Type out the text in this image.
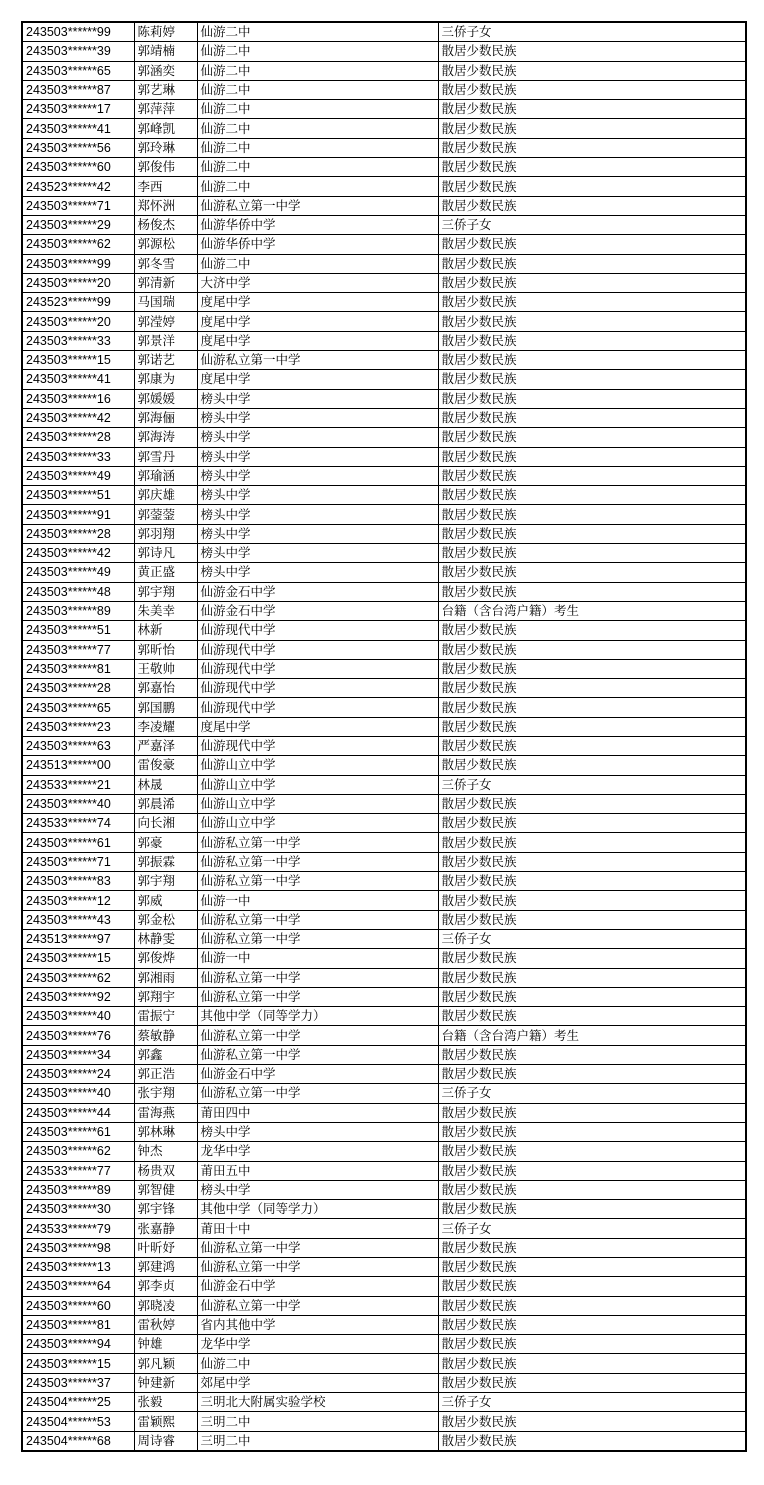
243503******99	陈莉婷	仙游二中	三侨子女
243503******39	郭靖楠	仙游二中	散居少数民族
243503******65	郭涵奕	仙游二中	散居少数民族
243503******87	郭艺琳	仙游二中	散居少数民族
243503******17	郭萍萍	仙游二中	散居少数民族
243503******41	郭峰凯	仙游二中	散居少数民族
243503******56	郭玲琳	仙游二中	散居少数民族
243503******60	郭俊伟	仙游二中	散居少数民族
243523******42	李西	仙游二中	散居少数民族
243503******71	郑怀洲	仙游私立第一中学	散居少数民族
243503******29	杨俊杰	仙游华侨中学	三侨子女
243503******62	郭源松	仙游华侨中学	散居少数民族
243503******99	郭冬雪	仙游二中	散居少数民族
243503******20	郭清新	大济中学	散居少数民族
243523******99	马国瑞	度尾中学	散居少数民族
243503******20	郭滢婷	度尾中学	散居少数民族
243503******33	郭景洋	度尾中学	散居少数民族
243503******15	郭诺艺	仙游私立第一中学	散居少数民族
243503******41	郭康为	度尾中学	散居少数民族
243503******16	郭媛媛	榜头中学	散居少数民族
243503******42	郭海俪	榜头中学	散居少数民族
243503******28	郭海涛	榜头中学	散居少数民族
243503******33	郭雪丹	榜头中学	散居少数民族
243503******49	郭瑜涵	榜头中学	散居少数民族
243503******51	郭庆雄	榜头中学	散居少数民族
243503******91	郭蓥蓥	榜头中学	散居少数民族
243503******28	郭羽翔	榜头中学	散居少数民族
243503******42	郭诗凡	榜头中学	散居少数民族
243503******49	黄正盛	榜头中学	散居少数民族
243503******48	郭宇翔	仙游金石中学	散居少数民族
243503******89	朱美幸	仙游金石中学	台籍（含台湾户籍）考生
243503******51	林新	仙游现代中学	散居少数民族
243503******77	郭昕怡	仙游现代中学	散居少数民族
243503******81	王敬帅	仙游现代中学	散居少数民族
243503******28	郭嘉怡	仙游现代中学	散居少数民族
243503******65	郭国鹏	仙游现代中学	散居少数民族
243503******23	李凌耀	度尾中学	散居少数民族
243503******63	严嘉泽	仙游现代中学	散居少数民族
243513******00	雷俊豪	仙游山立中学	散居少数民族
243533******21	林晟	仙游山立中学	三侨子女
243503******40	郭晨浠	仙游山立中学	散居少数民族
243533******74	向长湘	仙游山立中学	散居少数民族
243503******61	郭豪	仙游私立第一中学	散居少数民族
243503******71	郭振霖	仙游私立第一中学	散居少数民族
243503******83	郭宇翔	仙游私立第一中学	散居少数民族
243503******12	郭威	仙游一中	散居少数民族
243503******43	郭金松	仙游私立第一中学	散居少数民族
243513******97	林静雯	仙游私立第一中学	三侨子女
243503******15	郭俊烨	仙游一中	散居少数民族
243503******62	郭湘雨	仙游私立第一中学	散居少数民族
243503******92	郭翔宇	仙游私立第一中学	散居少数民族
243503******40	雷振宁	其他中学（同等学力）	散居少数民族
243503******76	蔡敏静	仙游私立第一中学	台籍（含台湾户籍）考生
243503******34	郭鑫	仙游私立第一中学	散居少数民族
243503******24	郭正浩	仙游金石中学	散居少数民族
243503******40	张宇翔	仙游私立第一中学	三侨子女
243503******44	雷海燕	莆田四中	散居少数民族
243503******61	郭林琳	榜头中学	散居少数民族
243503******62	钟杰	龙华中学	散居少数民族
243533******77	杨贵双	莆田五中	散居少数民族
243503******89	郭智健	榜头中学	散居少数民族
243503******30	郭宇锋	其他中学（同等学力）	散居少数民族
243533******79	张嘉静	莆田十中	三侨子女
243503******98	叶昕妤	仙游私立第一中学	散居少数民族
243503******13	郭建鸿	仙游私立第一中学	散居少数民族
243503******64	郭李贞	仙游金石中学	散居少数民族
243503******60	郭晓凌	仙游私立第一中学	散居少数民族
243503******81	雷秋婷	省内其他中学	散居少数民族
243503******94	钟雄	龙华中学	散居少数民族
243503******15	郭凡颖	仙游二中	散居少数民族
243503******37	钟建新	郊尾中学	散居少数民族
243504******25	张毅	三明北大附属实验学校	三侨子女
243504******53	雷颖熙	三明二中	散居少数民族
243504******68	周诗睿	三明二中	散居少数民族
